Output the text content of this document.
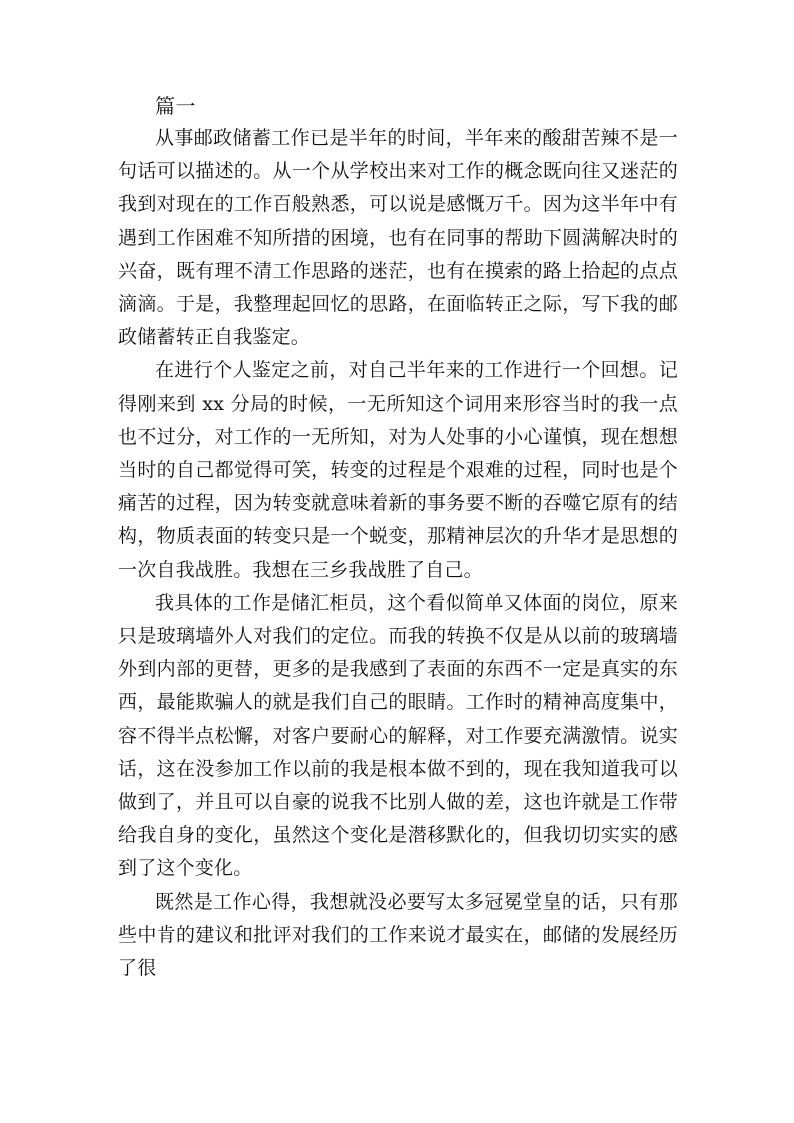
篇一

从事邮政储蓄工作已是半年的时间，半年来的酸甜苦辣不是一句话可以描述的。从一个从学校出来对工作的概念既向往又迷茫的我到对现在的工作百般熟悉，可以说是感慨万千。因为这半年中有遇到工作困难不知所措的困境，也有在同事的帮助下圆满解决时的兴奋，既有理不清工作思路的迷茫，也有在摸索的路上拾起的点点滴滴。于是，我整理起回忆的思路，在面临转正之际，写下我的邮政储蓄转正自我鉴定。

在进行个人鉴定之前，对自己半年来的工作进行一个回想。记得刚来到 xx 分局的时候，一无所知这个词用来形容当时的我一点也不过分，对工作的一无所知，对为人处事的小心谨慎，现在想想当时的自己都觉得可笑，转变的过程是个艰难的过程，同时也是个痛苦的过程，因为转变就意味着新的事务要不断的吞噬它原有的结构，物质表面的转变只是一个蜕变，那精神层次的升华才是思想的一次自我战胜。我想在三乡我战胜了自己。

我具体的工作是储汇柜员，这个看似简单又体面的岗位，原来只是玻璃墙外人对我们的定位。而我的转换不仅是从以前的玻璃墙外到内部的更替，更多的是我感到了表面的东西不一定是真实的东西，最能欺骗人的就是我们自己的眼睛。工作时的精神高度集中，容不得半点松懈，对客户要耐心的解释，对工作要充满激情。说实话，这在没参加工作以前的我是根本做不到的，现在我知道我可以做到了，并且可以自豪的说我不比别人做的差，这也许就是工作带给我自身的变化，虽然这个变化是潜移默化的，但我切切实实的感到了这个变化。

既然是工作心得，我想就没必要写太多冠冕堂皇的话，只有那些中肯的建议和批评对我们的工作来说才最实在，邮储的发展经历了很
